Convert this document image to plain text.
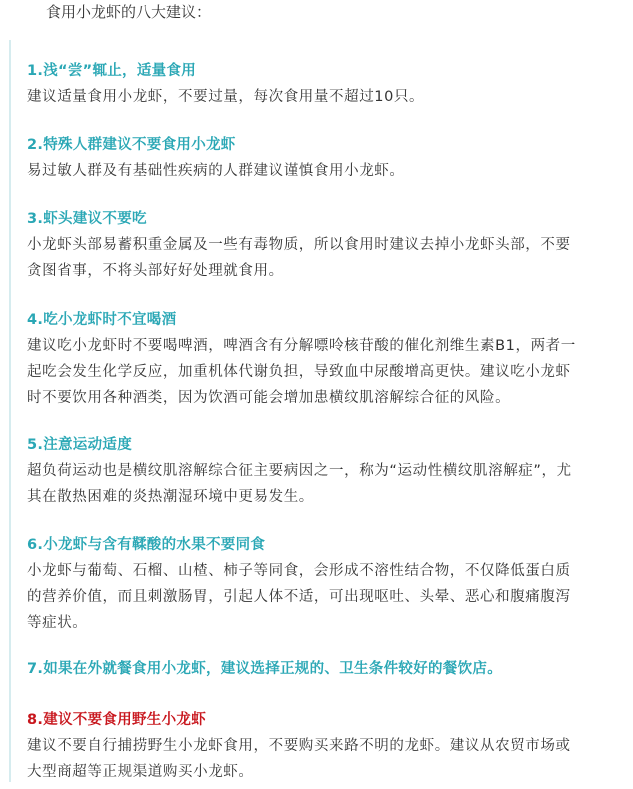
食用小龙虾的八大建议：
1.浅“尝”辄止，适量食用
建议适量食用小龙虾，不要过量，每次食用量不超过10只。
2.特殊人群建议不要食用小龙虾
易过敏人群及有基础性疾病的人群建议谨慎食用小龙虾。
3.虾头建议不要吃
小龙虾头部易蓄积重金属及一些有毒物质，所以食用时建议去掉小龙虾头部，不要
贪图省事，不将头部好好处理就食用。
4.吃小龙虾时不宜喝酒
建议吃小龙虾时不要喝啤酒，啤酒含有分解嘌呤核苷酸的催化剂维生素B1，两者一
起吃会发生化学反应，加重机体代谢负担，导致血中尿酸增高更快。建议吃小龙虾
时不要饮用各种酒类，因为饮酒可能会增加患横纹肌溶解综合征的风险。
5.注意运动适度
超负荷运动也是横纹肌溶解综合征主要病因之一，称为“运动性横纹肌溶解症”，尤
其在散热困难的炎热潮湿环境中更易发生。
6.小龙虾与含有鞣酸的水果不要同食
小龙虾与葡萄、石榴、山楂、柿子等同食，会形成不溶性结合物，不仅降低蛋白质
的营养价值，而且刺激肠胃，引起人体不适，可出现呕吐、头晕、恶心和腹痛腹泻
等症状。
7.如果在外就餐食用小龙虾，建议选择正规的、卫生条件较好的餐饮店。
8.建议不要食用野生小龙虾
建议不要自行捕捞野生小龙虾食用，不要购买来路不明的龙虾。建议从农贸市场或
大型商超等正规渠道购买小龙虾。
